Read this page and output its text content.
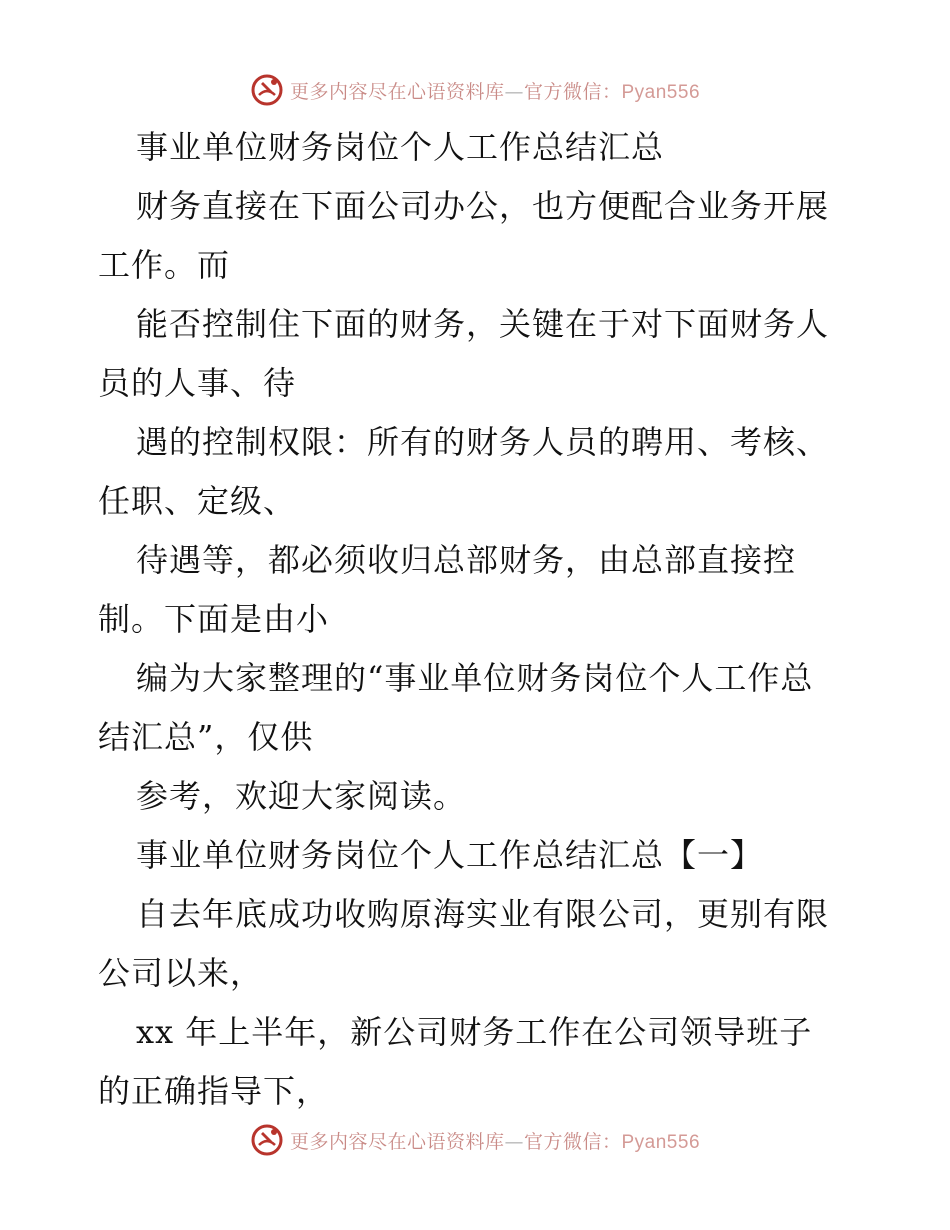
更多内容尽在心语资料库—官方微信：Pyan556
事业单位财务岗位个人工作总结汇总
财务直接在下面公司办公，也方便配合业务开展
工作。而
能否控制住下面的财务，关键在于对下面财务人
员的人事、待
遇的控制权限：所有的财务人员的聘用、考核、
任职、定级、
待遇等，都必须收归总部财务，由总部直接控
制。下面是由小
编为大家整理的“事业单位财务岗位个人工作总
结汇总”，仅供
参考，欢迎大家阅读。
事业单位财务岗位个人工作总结汇总【一】
自去年底成功收购原海实业有限公司，更别有限
公司以来，
xx 年上半年，新公司财务工作在公司领导班子
的正确指导下，
更多内容尽在心语资料库—官方微信：Pyan556
